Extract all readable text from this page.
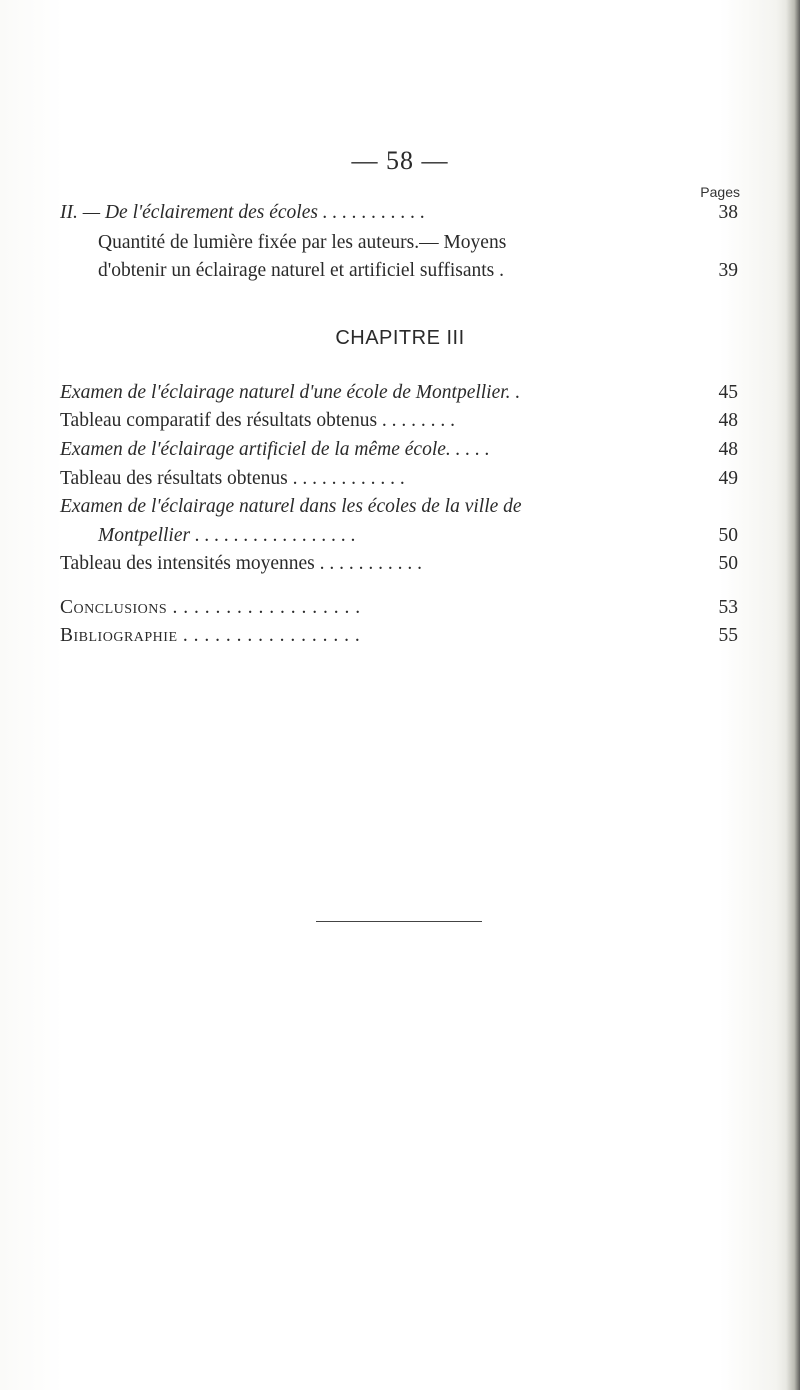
— 58 —
Pages
II. — De l'éclairement des écoles . . . . . . . . . . .	38
Quantité de lumière fixée par les auteurs.— Moyens
d'obtenir un éclairage naturel et artificiel suffisants .	39
CHAPITRE III
Examen de l'éclairage naturel d'une école de Montpellier. .	45
Tableau comparatif des résultats obtenus . . . . . . . .	48
Examen de l'éclairage artificiel de la même école. . . . .	48
Tableau des résultats obtenus . . . . . . . . . . . .	49
Examen de l'éclairage naturel dans les écoles de la ville de
Montpellier . . . . . . . . . . . . . . . . .	50
Tableau des intensités moyennes . . . . . . . . . . .	50
Conclusions . . . . . . . . . . . . . . . . . .	53
Bibliographie . . . . . . . . . . . . . . . . .	55
